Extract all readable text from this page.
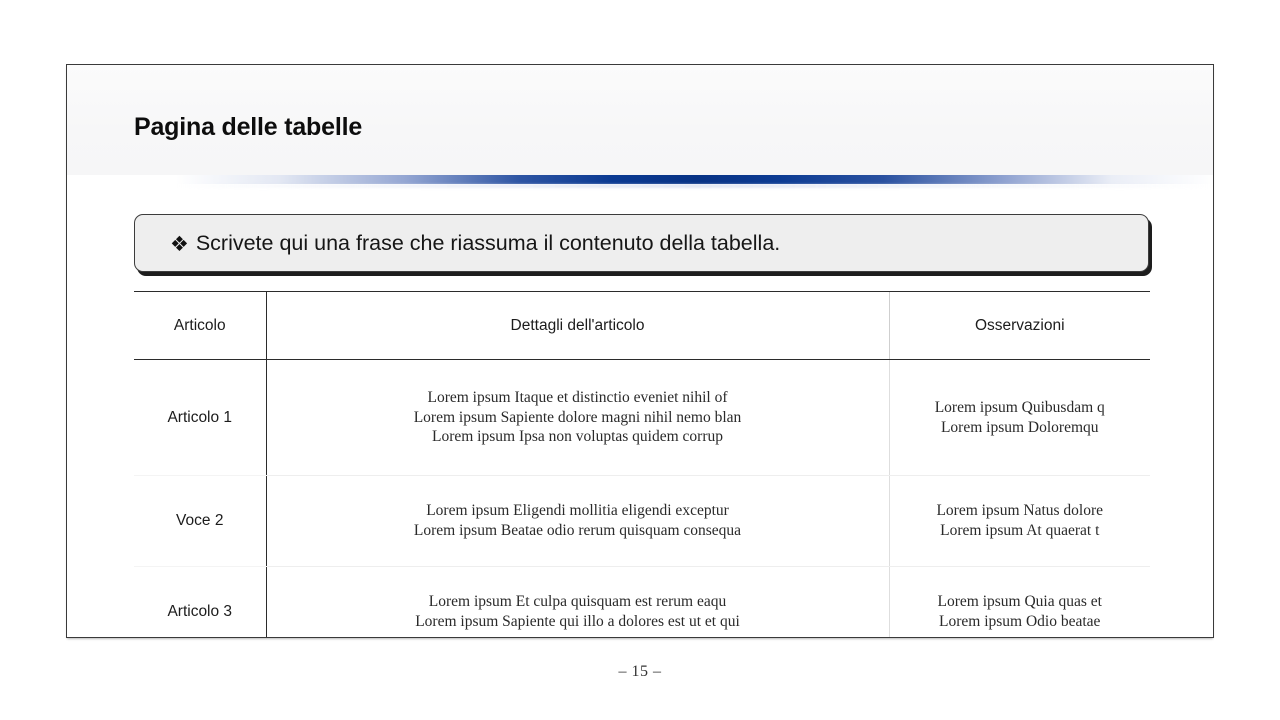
Pagina delle tabelle
❖ Scrivete qui una frase che riassuma il contenuto della tabella.
Articolo	Dettagli dell'articolo	Osservazioni
Articolo 1	Lorem ipsum Itaque et distinctio eveniet nihil of
Lorem ipsum Sapiente dolore magni nihil nemo blan
Lorem ipsum Ipsa non voluptas quidem corrup	Lorem ipsum Quibusdam q
Lorem ipsum Doloremqu

Voce 2	Lorem ipsum Eligendi mollitia eligendi exceptur
Lorem ipsum Beatae odio rerum quisquam consequa	Lorem ipsum Natus dolore
Lorem ipsum At quaerat t

Articolo 3	Lorem ipsum Et culpa quisquam est rerum eaqu
Lorem ipsum Sapiente qui illo a dolores est ut et qui	Lorem ipsum Quia quas et
Lorem ipsum Odio beatae
– 15 –
